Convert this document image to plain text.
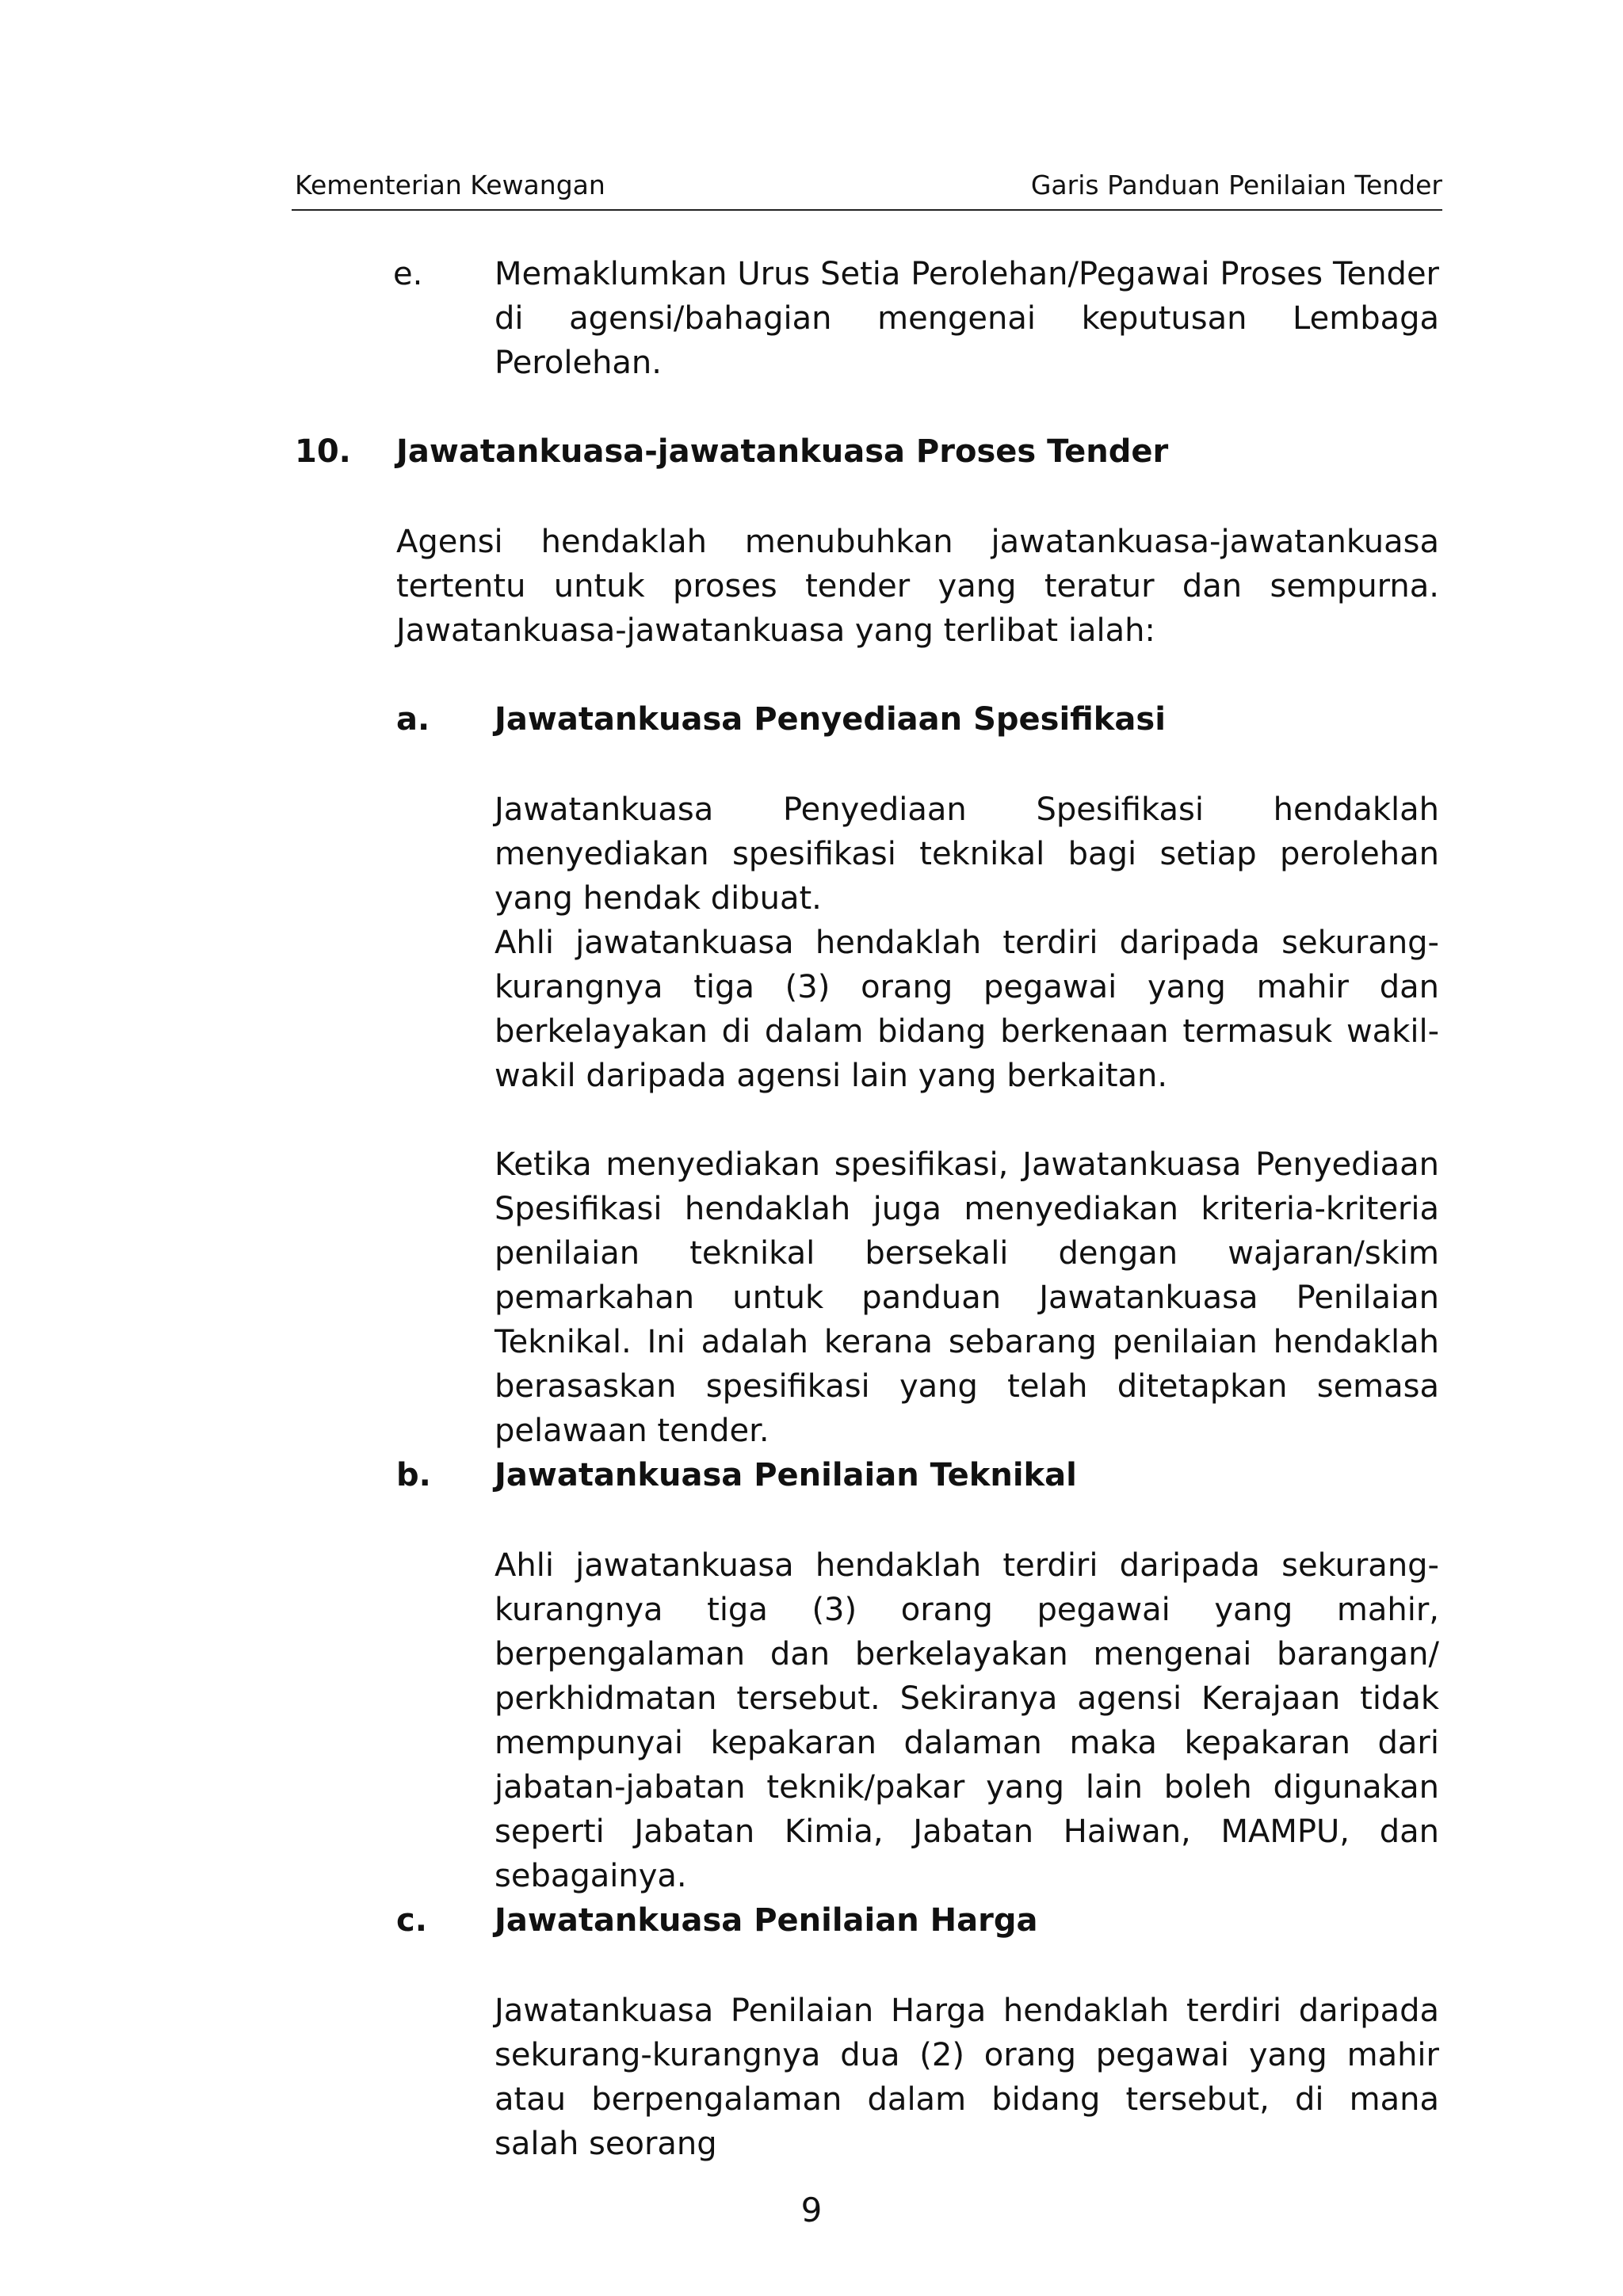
Kementerian Kewangan	Garis Panduan Penilaian Tender
e. Memaklumkan Urus Setia Perolehan/Pegawai Proses Tender di agensi/bahagian mengenai keputusan Lembaga Perolehan.
10. Jawatankuasa-jawatankuasa Proses Tender
Agensi hendaklah menubuhkan jawatankuasa-jawatankuasa tertentu untuk proses tender yang teratur dan sempurna. Jawatankuasa-jawatankuasa yang terlibat ialah:
a. Jawatankuasa Penyediaan Spesifikasi
Jawatankuasa Penyediaan Spesifikasi hendaklah menyediakan spesifikasi teknikal bagi setiap perolehan yang hendak dibuat.
Ahli jawatankuasa hendaklah terdiri daripada sekurang-kurangnya tiga (3) orang pegawai yang mahir dan berkelayakan di dalam bidang berkenaan termasuk wakil-wakil daripada agensi lain yang berkaitan.
Ketika menyediakan spesifikasi, Jawatankuasa Penyediaan Spesifikasi hendaklah juga menyediakan kriteria-kriteria penilaian teknikal bersekali dengan wajaran/skim pemarkahan untuk panduan Jawatankuasa Penilaian Teknikal. Ini adalah kerana sebarang penilaian hendaklah berasaskan spesifikasi yang telah ditetapkan semasa pelawaan tender.
b. Jawatankuasa Penilaian Teknikal
Ahli jawatankuasa hendaklah terdiri daripada sekurang-kurangnya tiga (3) orang pegawai yang mahir, berpengalaman dan berkelayakan mengenai barangan/ perkhidmatan tersebut. Sekiranya agensi Kerajaan tidak mempunyai kepakaran dalaman maka kepakaran dari jabatan-jabatan teknik/pakar yang lain boleh digunakan seperti Jabatan Kimia, Jabatan Haiwan, MAMPU, dan sebagainya.
c. Jawatankuasa Penilaian Harga
Jawatankuasa Penilaian Harga hendaklah terdiri daripada sekurang-kurangnya dua (2) orang pegawai yang mahir atau berpengalaman dalam bidang tersebut, di mana salah seorang
9
